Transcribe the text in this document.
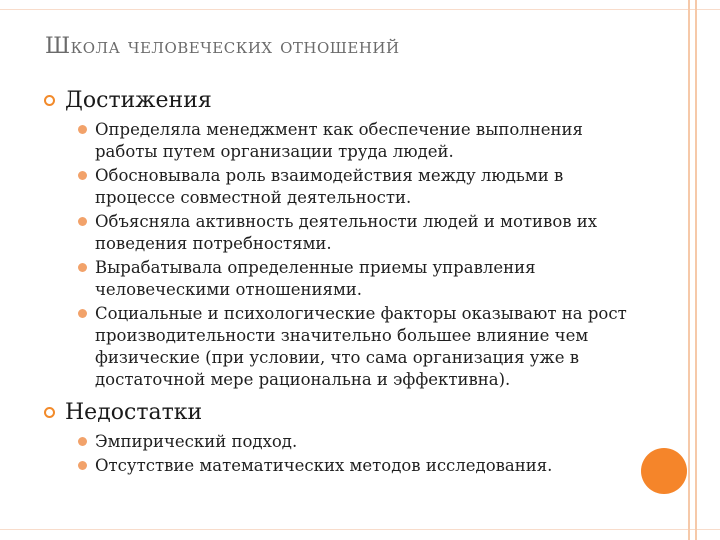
Школа человеческих отношений
Достижения
Определяла менеджмент как обеспечение выполнения работы путем организации труда людей.
Обосновывала роль взаимодействия между людьми в процессе совместной деятельности.
Объясняла активность деятельности людей и мотивов их поведения потребностями.
Вырабатывала определенные приемы управления человеческими отношениями.
Социальные и психологические факторы оказывают на рост производительности значительно большее влияние чем физические (при условии, что сама организация уже в достаточной мере рациональна и эффективна).
Недостатки
Эмпирический подход.
Отсутствие математических методов исследования.
